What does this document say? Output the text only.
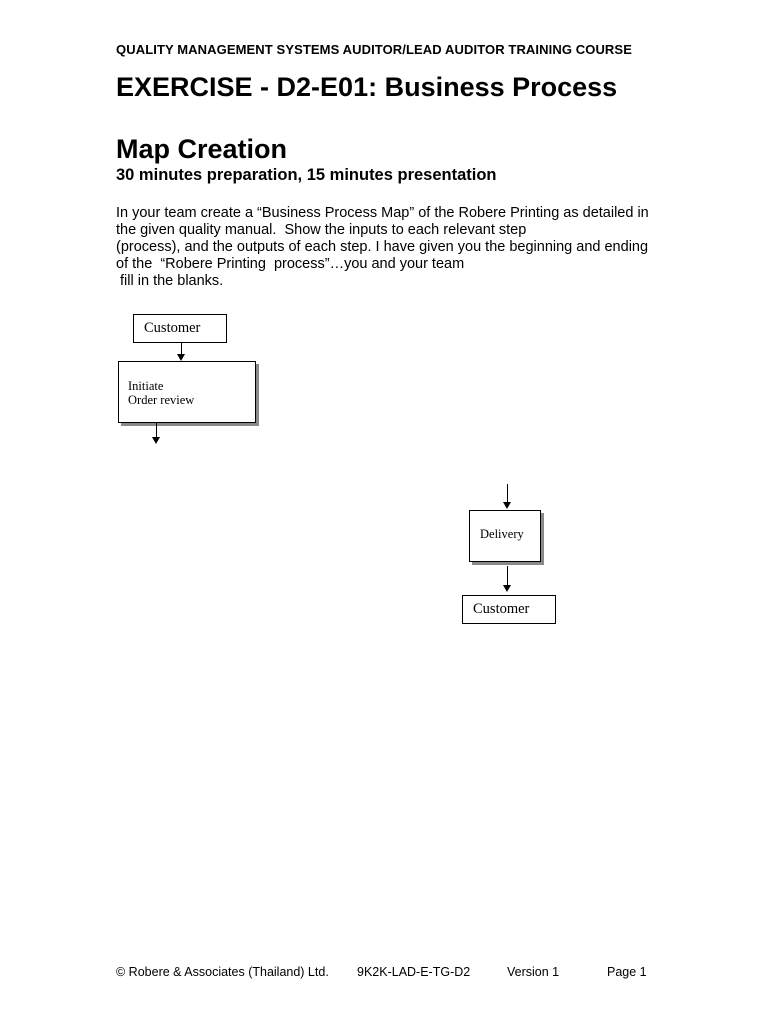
QUALITY MANAGEMENT SYSTEMS AUDITOR/LEAD AUDITOR TRAINING COURSE
EXERCISE - D2-E01: Business Process
Map Creation
30 minutes preparation, 15 minutes presentation
In your team create a “Business Process Map” of the Robere Printing as detailed in
the given quality manual.  Show the inputs to each relevant step
(process), and the outputs of each step. I have given you the beginning and ending
of the  “Robere Printing  process”…you and your team
fill in the blanks.
Customer
Initiate
Order review
Delivery
Customer
© Robere & Associates (Thailand) Ltd. 9K2K-LAD-E-TG-D2	Version 1	Page 1
